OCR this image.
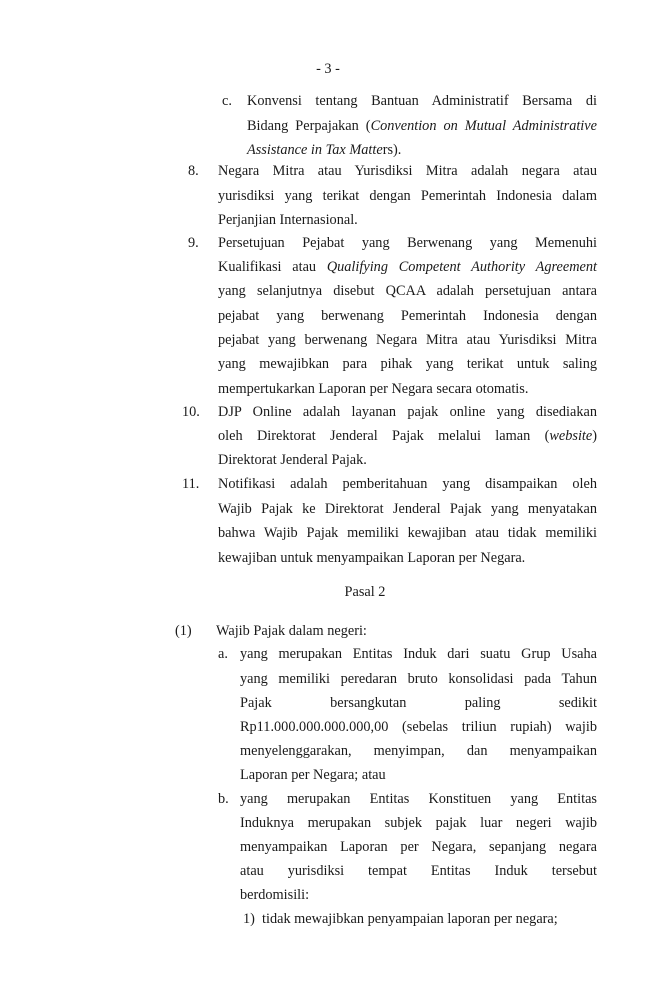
- 3 -
Pasal 2
c. Konvensi tentang Bantuan Administratif Bersama di
Bidang Perpajakan (Convention on Mutual Administrative
Assistance in Tax Matters).
8. Negara Mitra atau Yurisdiksi Mitra adalah negara atau
yurisdiksi yang terikat dengan Pemerintah Indonesia dalam
Perjanjian Internasional.
9. Persetujuan Pejabat yang Berwenang yang Memenuhi
Kualifikasi atau Qualifying Competent Authority Agreement
yang selanjutnya disebut QCAA adalah persetujuan antara
pejabat yang berwenang Pemerintah Indonesia dengan
pejabat yang berwenang Negara Mitra atau Yurisdiksi Mitra
yang mewajibkan para pihak yang terikat untuk saling
mempertukarkan Laporan per Negara secara otomatis.
10. DJP Online adalah layanan pajak online yang disediakan
oleh Direktorat Jenderal Pajak melalui laman (website)
Direktorat Jenderal Pajak.
11. Notifikasi adalah pemberitahuan yang disampaikan oleh
Wajib Pajak ke Direktorat Jenderal Pajak yang menyatakan
bahwa Wajib Pajak memiliki kewajiban atau tidak memiliki
kewajiban untuk menyampaikan Laporan per Negara.
(1) Wajib Pajak dalam negeri:
a. yang merupakan Entitas Induk dari suatu Grup Usaha
yang memiliki peredaran bruto konsolidasi pada Tahun
Pajak bersangkutan paling sedikit
Rp11.000.000.000.000,00 (sebelas triliun rupiah) wajib
menyelenggarakan, menyimpan, dan menyampaikan
Laporan per Negara; atau
b. yang merupakan Entitas Konstituen yang Entitas
Induknya merupakan subjek pajak luar negeri wajib
menyampaikan Laporan per Negara, sepanjang negara
atau yurisdiksi tempat Entitas Induk tersebut
berdomisili:
1) tidak mewajibkan penyampaian laporan per negara;
